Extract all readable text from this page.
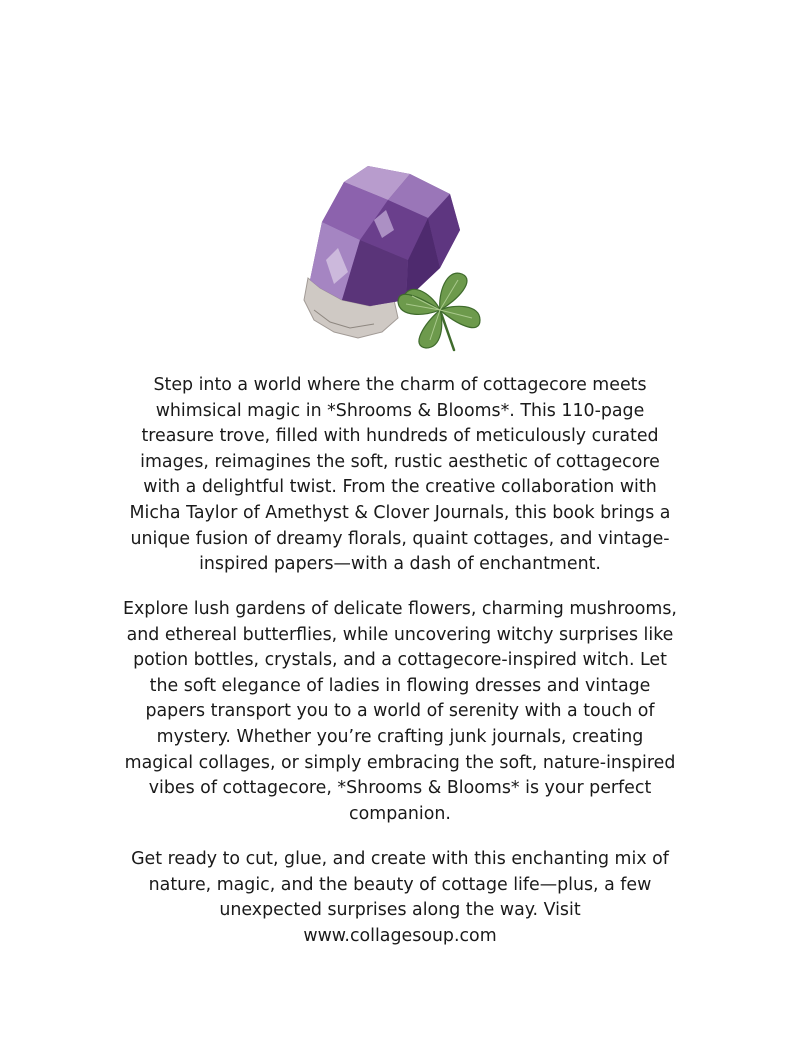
Step into a world where the charm of cottagecore meets whimsical magic in *Shrooms & Blooms*. This 110-page treasure trove, filled with hundreds of meticulously curated images, reimagines the soft, rustic aesthetic of cottagecore with a delightful twist. From the creative collaboration with Micha Taylor of Amethyst & Clover Journals, this book brings a unique fusion of dreamy florals, quaint cottages, and vintage-inspired papers—with a dash of enchantment.

Explore lush gardens of delicate flowers, charming mushrooms, and ethereal butterflies, while uncovering witchy surprises like potion bottles, crystals, and a cottagecore-inspired witch. Let the soft elegance of ladies in flowing dresses and vintage papers transport you to a world of serenity with a touch of mystery. Whether you’re crafting junk journals, creating magical collages, or simply embracing the soft, nature-inspired vibes of cottagecore, *Shrooms & Blooms* is your perfect companion.

Get ready to cut, glue, and create with this enchanting mix of nature, magic, and the beauty of cottage life—plus, a few unexpected surprises along the way. Visit www.collagesoup.com
